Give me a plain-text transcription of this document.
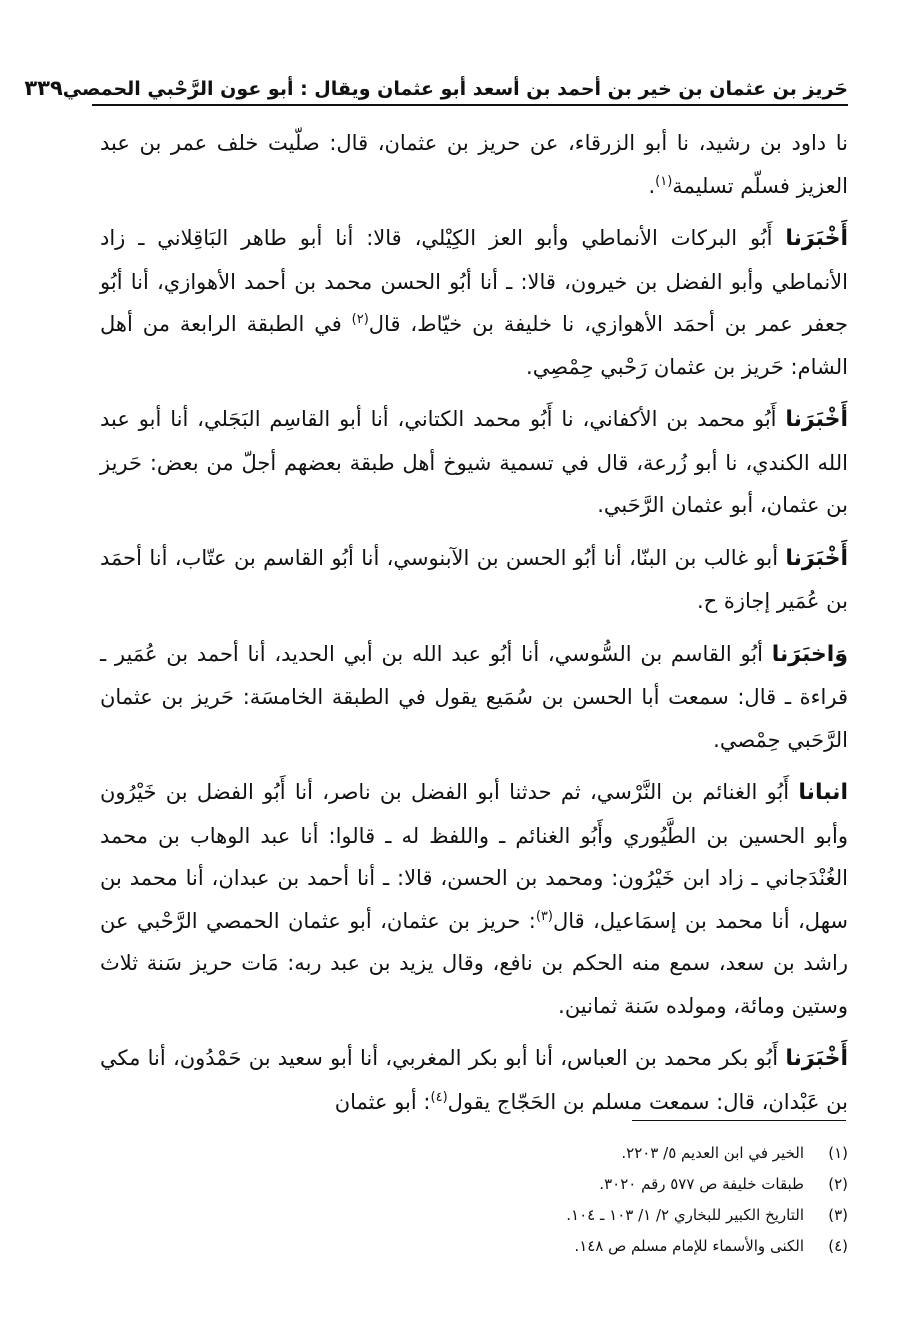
حَريز بن عثمان بن خير بن أحمد بن أسعد أبو عثمان ويقال : أبو عون الرَّحْبي الحمصي
٣٣٩

نا داود بن رشيد، نا أبو الزرقاء، عن حريز بن عثمان، قال: صلّيت خلف عمر بن عبد العزيز فسلّم تسليمة$^{(١)}$.

أَخْبَرَنا أَبُو البركات الأنماطي وأبو العز الكِيْلي، قالا: أنا أبو طاهر البَاقِلاني ـ زاد الأنماطي وأبو الفضل بن خيرون، قالا: ـ أنا أبُو الحسن محمد بن أحمد الأهوازي، أنا أبُو جعفر عمر بن أحمَد الأهوازي، نا خليفة بن خيّاط، قال$^{(٢)}$ في الطبقة الرابعة من أهل الشام: حَريز بن عثمان رَحْبي حِمْصِي.

أَخْبَرَنا أَبُو محمد بن الأكفاني، نا أَبُو محمد الكتاني، أنا أبو القاسِم البَجَلي، أنا أبو عبد الله الكندي، نا أبو زُرعة، قال في تسمية شيوخ أهل طبقة بعضهم أجلّ من بعض: حَريز بن عثمان، أبو عثمان الرَّحَبي.

أَخْبَرَنا أبو غالب بن البنّا، أنا أبُو الحسن بن الآبنوسي، أنا أبُو القاسم بن عتّاب، أنا أحمَد بن عُمَير إجازة ح.

وَاخبَرَنا أبُو القاسم بن السُّوسي، أنا أبُو عبد الله بن أبي الحديد، أنا أحمد بن عُمَير ـ قراءة ـ قال: سمعت أبا الحسن بن سُمَيع يقول في الطبقة الخامسَة: حَريز بن عثمان الرَّحَبي حِمْصي.

انبانا أَبُو الغنائم بن النَّرْسي، ثم حدثنا أبو الفضل بن ناصر، أنا أَبُو الفضل بن خَيْرُون وأبو الحسين بن الطَّيُوري وأَبُو الغنائم ـ واللفظ له ـ قالوا: أنا عبد الوهاب بن محمد الغُنْدَجاني ـ زاد ابن خَيْرُون: ومحمد بن الحسن، قالا: ـ أنا أحمد بن عبدان، أنا محمد بن سهل، أنا محمد بن إسمَاعيل، قال$^{(٣)}$: حريز بن عثمان، أبو عثمان الحمصي الرَّحْبي عن راشد بن سعد، سمع منه الحكم بن نافع، وقال يزيد بن عبد ربه: مَات حريز سَنة ثلاث وستين ومائة، ومولده سَنة ثمانين.

أَخْبَرَنا أَبُو بكر محمد بن العباس، أنا أبو بكر المغربي، أنا أبو سعيد بن حَمْدُون، أنا مكي بن عَبْدان، قال: سمعت مسلم بن الحَجّاج يقول$^{(٤)}$: أبو عثمان

(١)
الخير في ابن العديم ٥/ ٢٢٠٣.
(٢)
طبقات خليفة ص ٥٧٧ رقم ٣٠٢٠.
(٣)
التاريخ الكبير للبخاري ٢/ ١/ ١٠٣ ـ ١٠٤.
(٤)
الكنى والأسماء للإمام مسلم ص ١٤٨.
